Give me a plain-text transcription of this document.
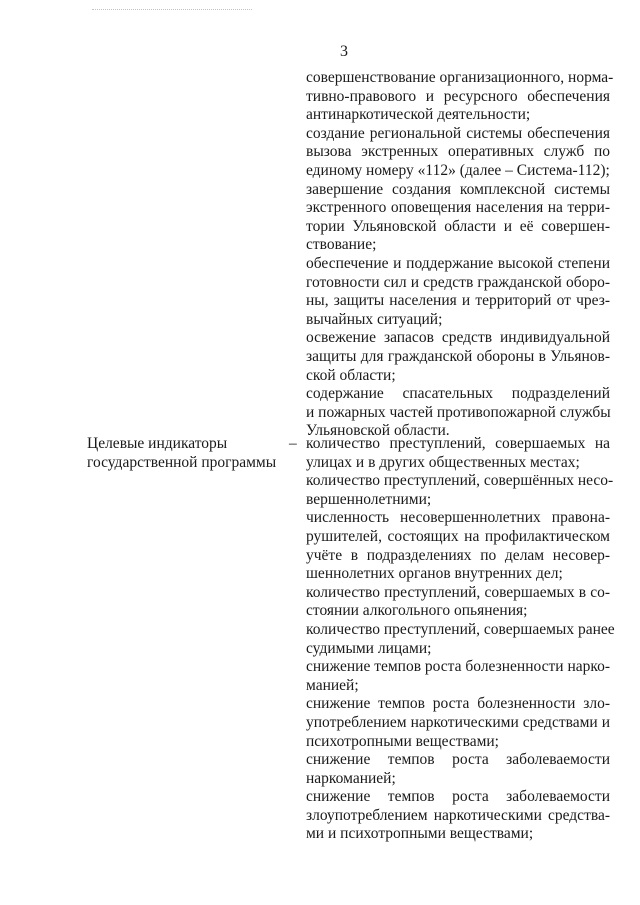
3
совершенствование организационного, норма-
тивно-правового и ресурсного обеспечения
антинаркотической деятельности;
создание региональной системы обеспечения
вызова экстренных оперативных служб по
единому номеру «112» (далее – Система-112);
завершение создания комплексной системы
экстренного оповещения населения на терри-
тории Ульяновской области и её совершен-
ствование;
обеспечение и поддержание высокой степени
готовности сил и средств гражданской оборо-
ны, защиты населения и территорий от чрез-
вычайных ситуаций;
освежение запасов средств индивидуальной
защиты для гражданской обороны в Ульянов-
ской области;
содержание спасательных подразделений
и пожарных частей противопожарной службы
Ульяновской области.
Целевые индикаторы
государственной программы
– количество преступлений, совершаемых на
улицах и в других общественных местах;
количество преступлений, совершённых несо-
вершеннолетними;
численность несовершеннолетних правона-
рушителей, состоящих на профилактическом
учёте в подразделениях по делам несовер-
шеннолетних органов внутренних дел;
количество преступлений, совершаемых в со-
стоянии алкогольного опьянения;
количество преступлений, совершаемых ранее
судимыми лицами;
снижение темпов роста болезненности нарко-
манией;
снижение темпов роста болезненности зло-
употреблением наркотическими средствами и
психотропными веществами;
снижение темпов роста заболеваемости
наркоманией;
снижение темпов роста заболеваемости
злоупотреблением наркотическими средства-
ми и психотропными веществами;
